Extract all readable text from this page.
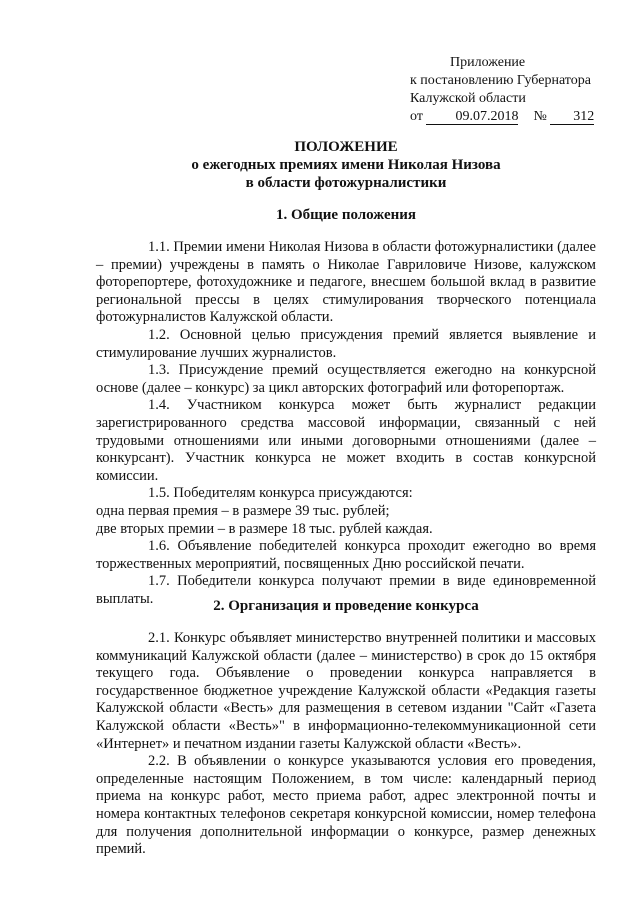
Приложение
к постановлению Губернатора
Калужской области
от 09.07.2018 № 312
ПОЛОЖЕНИЕ
о ежегодных премиях имени Николая Низова
в области фотожурналистики
1. Общие положения

1.1. Премии имени Николая Низова в области фотожурналистики (далее – премии) учреждены в память о Николае Гавриловиче Низове, калужском фоторепортере, фотохудожнике и педагоге, внесшем большой вклад в развитие региональной прессы в целях стимулирования творческого потенциала фотожурналистов Калужской области.

1.2. Основной целью присуждения премий является выявление и стимулирование лучших журналистов.

1.3. Присуждение премий осуществляется ежегодно на конкурсной основе (далее – конкурс) за цикл авторских фотографий или фоторепортаж.

1.4. Участником конкурса может быть журналист редакции зарегистрированного средства массовой информации, связанный с ней трудовыми отношениями или иными договорными отношениями (далее – конкурсант). Участник конкурса не может входить в состав конкурсной комиссии.

1.5. Победителям конкурса присуждаются:

одна первая премия – в размере 39 тыс. рублей;

две вторых премии – в размере 18 тыс. рублей каждая.

1.6. Объявление победителей конкурса проходит ежегодно во время торжественных мероприятий, посвященных Дню российской печати.

1.7. Победители конкурса получают премии в виде единовременной выплаты.	2. Организация и проведение конкурса

2.1. Конкурс объявляет министерство внутренней политики и массовых коммуникаций Калужской области (далее – министерство) в срок до 15 октября текущего года. Объявление о проведении конкурса направляется в государственное бюджетное учреждение Калужской области «Редакция газеты Калужской области «Весть» для размещения в сетевом издании "Сайт «Газета Калужской области «Весть»" в информационно-телекоммуникационной сети «Интернет» и печатном издании газеты Калужской области «Весть».

2.2. В объявлении о конкурсе указываются условия его проведения, определенные настоящим Положением, в том числе: календарный период приема на конкурс работ, место приема работ, адрес электронной почты и номера контактных телефонов секретаря конкурсной комиссии, номер телефона для получения дополнительной информации о конкурсе, размер денежных премий.
